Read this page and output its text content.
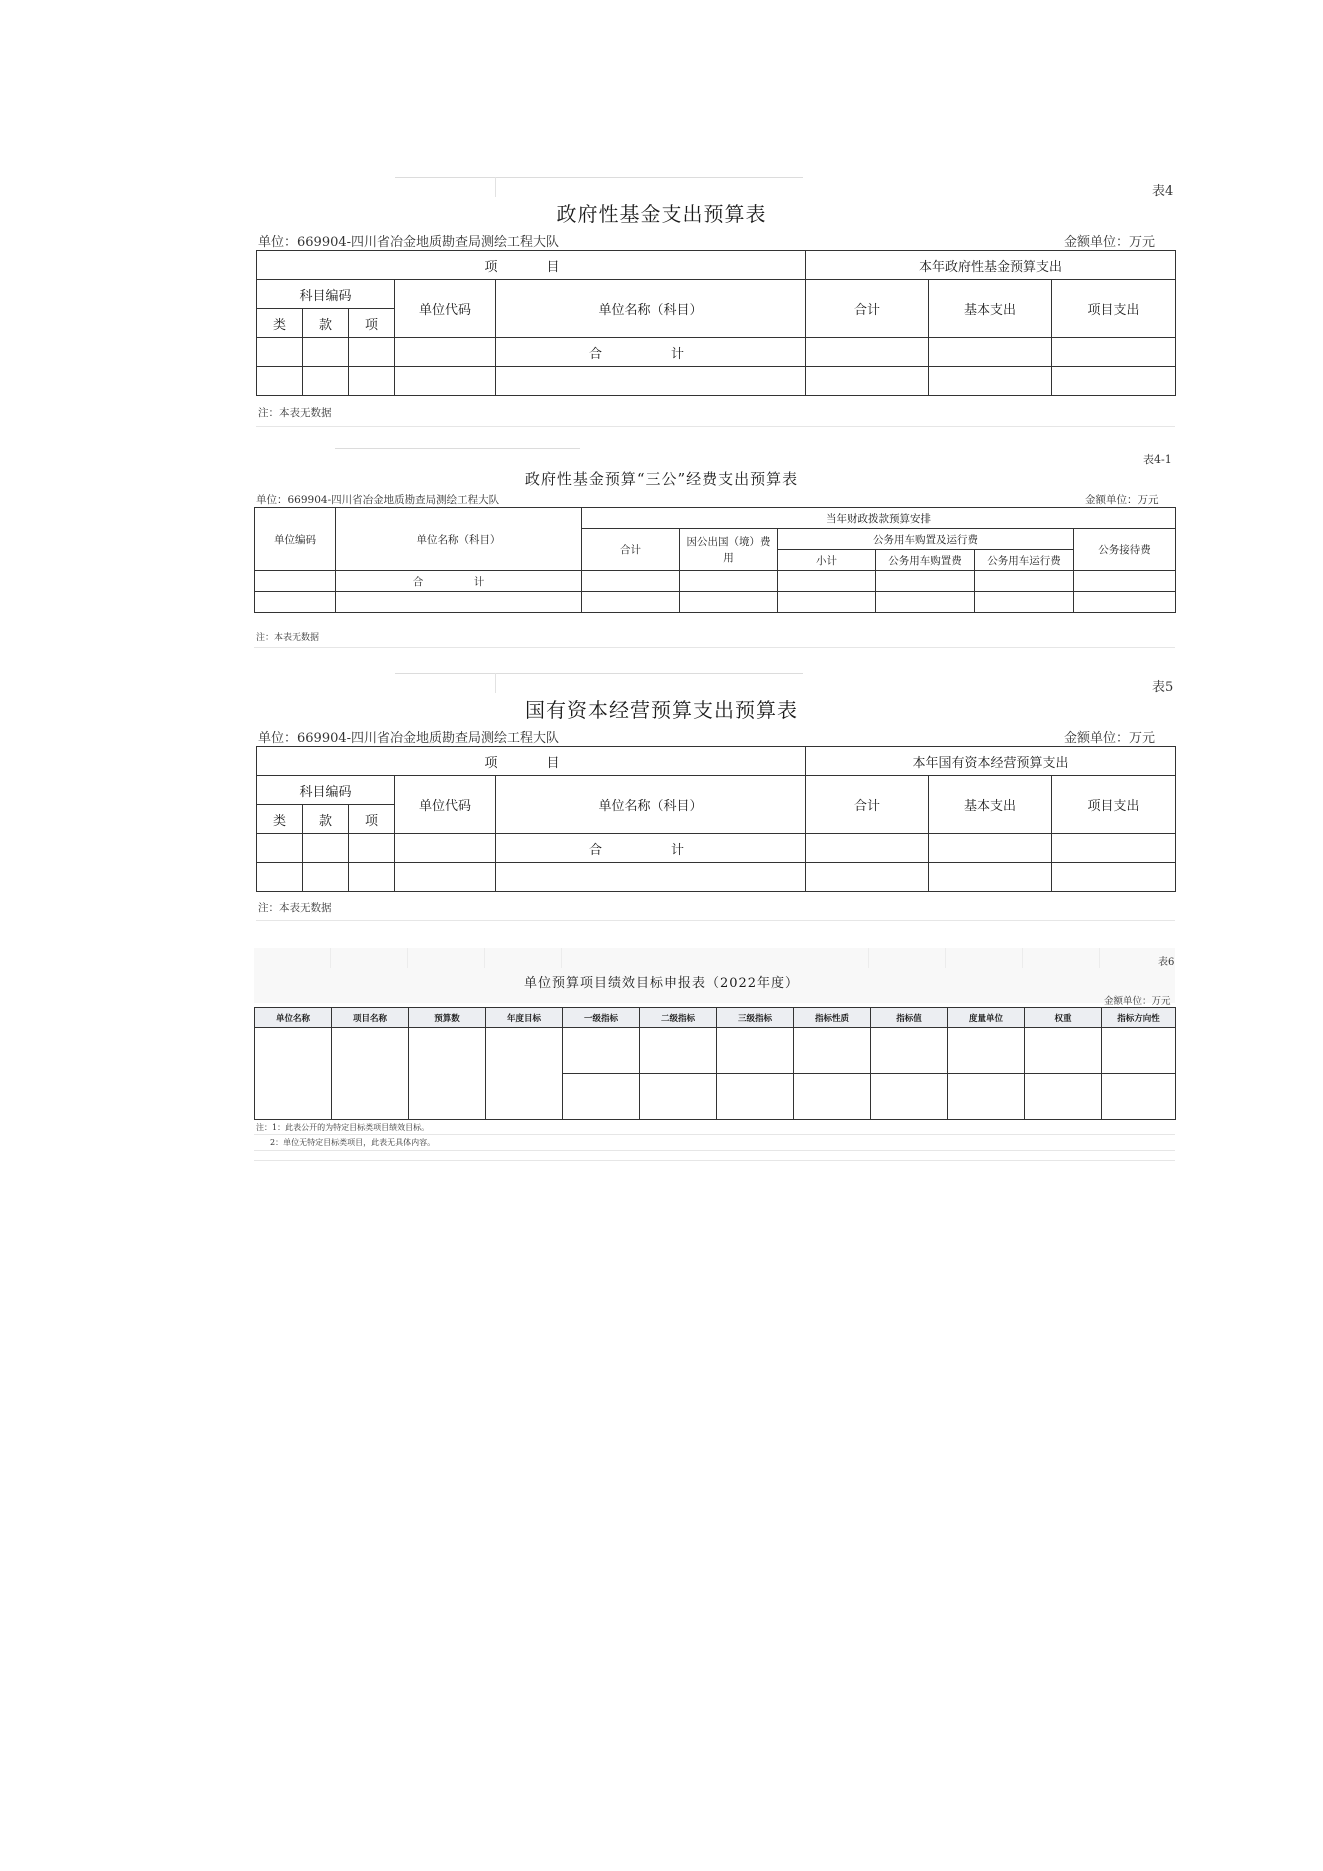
表4
政府性基金支出预算表
单位：669904-四川省冶金地质勘查局测绘工程大队	金额单位：万元
项　目					本年政府性基金预算支出		
科目编码			单位代码	单位名称（科目）	合计	基本支出	项目支出
类	款	项					
				合　计			

注：本表无数据
表4-1
政府性基金预算“三公”经费支出预算表
单位：669904-四川省冶金地质勘查局测绘工程大队	金额单位：万元
单位编码	单位名称（科目）	当年财政拨款预算安排					
		合计	因公出国（境）费用	公务用车购置及运行费			公务接待费
				小计	公务用车购置费	公务用车运行费	
	合　计						

注：本表无数据
表5
国有资本经营预算支出预算表
单位：669904-四川省冶金地质勘查局测绘工程大队	金额单位：万元
项　目					本年国有资本经营预算支出		
科目编码			单位代码	单位名称（科目）	合计	基本支出	项目支出
类	款	项					
				合　计			

注：本表无数据
表6
单位预算项目绩效目标申报表（2022年度）
金额单位：万元
单位名称	项目名称	预算数	年度目标	一级指标	二级指标	三级指标	指标性质	指标值	度量单位	权重	指标方向性

注：1：此表公开的为特定目标类项目绩效目标。
2：单位无特定目标类项目，此表无具体内容。
